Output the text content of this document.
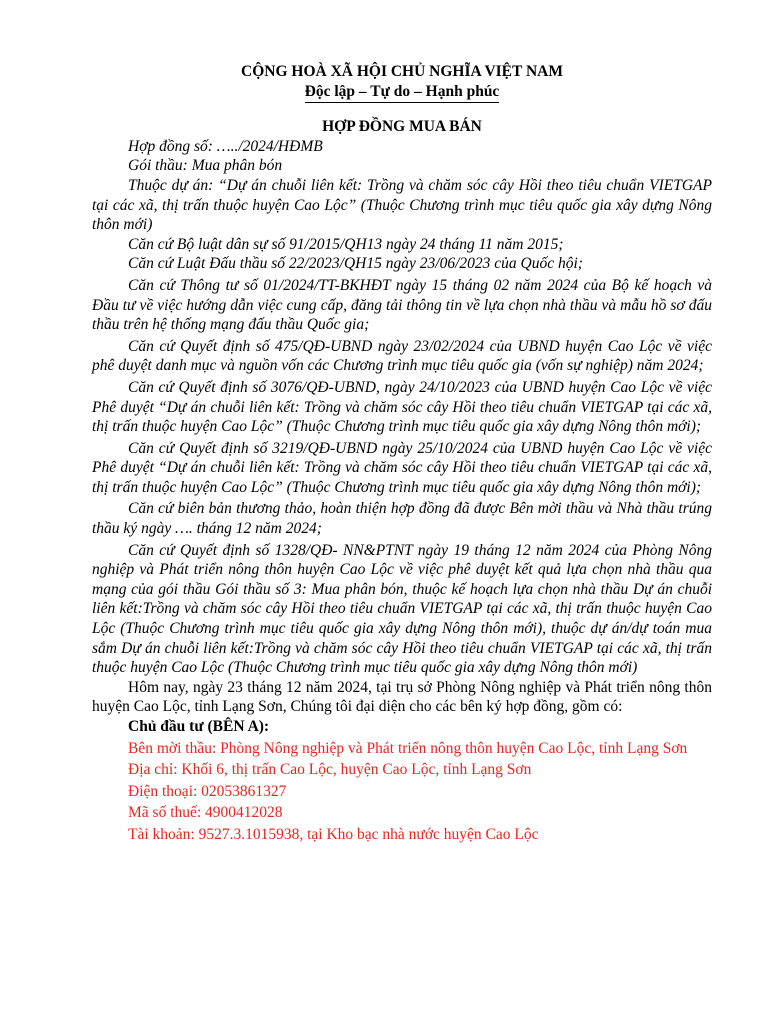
CỘNG HOÀ XÃ HỘI CHỦ NGHĨA VIỆT NAM

Độc lập – Tự do – Hạnh phúc

HỢP ĐỒNG MUA BÁN

Hợp đồng số: …../2024/HĐMB

Gói thầu: Mua phân bón

Thuộc dự án: “Dự án chuỗi liên kết: Trồng và chăm sóc cây Hồi theo tiêu chuẩn VIETGAP tại các xã, thị trấn thuộc huyện Cao Lộc” (Thuộc Chương trình mục tiêu quốc gia xây dựng Nông thôn mới)

Căn cứ Bộ luật dân sự số 91/2015/QH13 ngày 24 tháng 11 năm 2015;

Căn cứ Luật Đấu thầu số 22/2023/QH15 ngày 23/06/2023 của Quốc hội;

Căn cứ Thông tư số 01/2024/TT-BKHĐT ngày 15 tháng 02 năm 2024 của Bộ kế hoạch và Đầu tư về việc hướng dẫn việc cung cấp, đăng tải thông tin về lựa chọn nhà thầu và mẫu hồ sơ đấu thầu trên hệ thống mạng đấu thầu Quốc gia;

Căn cứ Quyết định số 475/QĐ-UBND ngày 23/02/2024 của UBND huyện Cao Lộc về việc phê duyệt danh mục và nguồn vốn các Chương trình mục tiêu quốc gia (vốn sự nghiệp) năm 2024;

Căn cứ Quyết định số 3076/QĐ-UBND, ngày 24/10/2023 của UBND huyện Cao Lộc về việc Phê duyệt “Dự án chuỗi liên kết: Trồng và chăm sóc cây Hồi theo tiêu chuẩn VIETGAP tại các xã, thị trấn thuộc huyện Cao Lộc” (Thuộc Chương trình mục tiêu quốc gia xây dựng Nông thôn mới);

Căn cứ Quyết định số 3219/QĐ-UBND ngày 25/10/2024 của UBND huyện Cao Lộc về việc Phê duyệt “Dự án chuỗi liên kết: Trồng và chăm sóc cây Hồi theo tiêu chuẩn VIETGAP tại các xã, thị trấn thuộc huyện Cao Lộc” (Thuộc Chương trình mục tiêu quốc gia xây dựng Nông thôn mới);

Căn cứ biên bản thương thảo, hoàn thiện hợp đồng đã được Bên mời thầu và Nhà thầu trúng thầu ký ngày …. tháng 12 năm 2024;

Căn cứ Quyết định số 1328/QĐ- NN&PTNT ngày 19 tháng 12 năm 2024 của Phòng Nông nghiệp và Phát triển nông thôn huyện Cao Lộc về việc phê duyệt kết quả lựa chọn nhà thầu qua mạng của gói thầu Gói thầu số 3: Mua phân bón, thuộc kế hoạch lựa chọn nhà thầu Dự án chuỗi liên kết:Trồng và chăm sóc cây Hồi theo tiêu chuẩn VIETGAP tại các xã, thị trấn thuộc huyện Cao Lộc (Thuộc Chương trình mục tiêu quốc gia xây dựng Nông thôn mới), thuộc dự án/dự toán mua sắm Dự án chuỗi liên kết:Trồng và chăm sóc cây Hồi theo tiêu chuẩn VIETGAP tại các xã, thị trấn thuộc huyện Cao Lộc (Thuộc Chương trình mục tiêu quốc gia xây dựng Nông thôn mới)

Hôm nay, ngày 23 tháng 12 năm 2024, tại trụ sở Phòng Nông nghiệp và Phát triển nông thôn huyện Cao Lộc, tỉnh Lạng Sơn, Chúng tôi đại diện cho các bên ký hợp đồng, gồm có:

Chủ đầu tư (BÊN A):

Bên mời thầu: Phòng Nông nghiệp và Phát triển nông thôn huyện Cao Lộc, tỉnh Lạng Sơn

Địa chỉ: Khối 6, thị trấn Cao Lộc, huyện Cao Lộc, tỉnh Lạng Sơn

Điện thoại: 02053861327

Mã số thuế: 4900412028

Tài khoản: 9527.3.1015938, tại Kho bạc nhà nước huyện Cao Lộc
